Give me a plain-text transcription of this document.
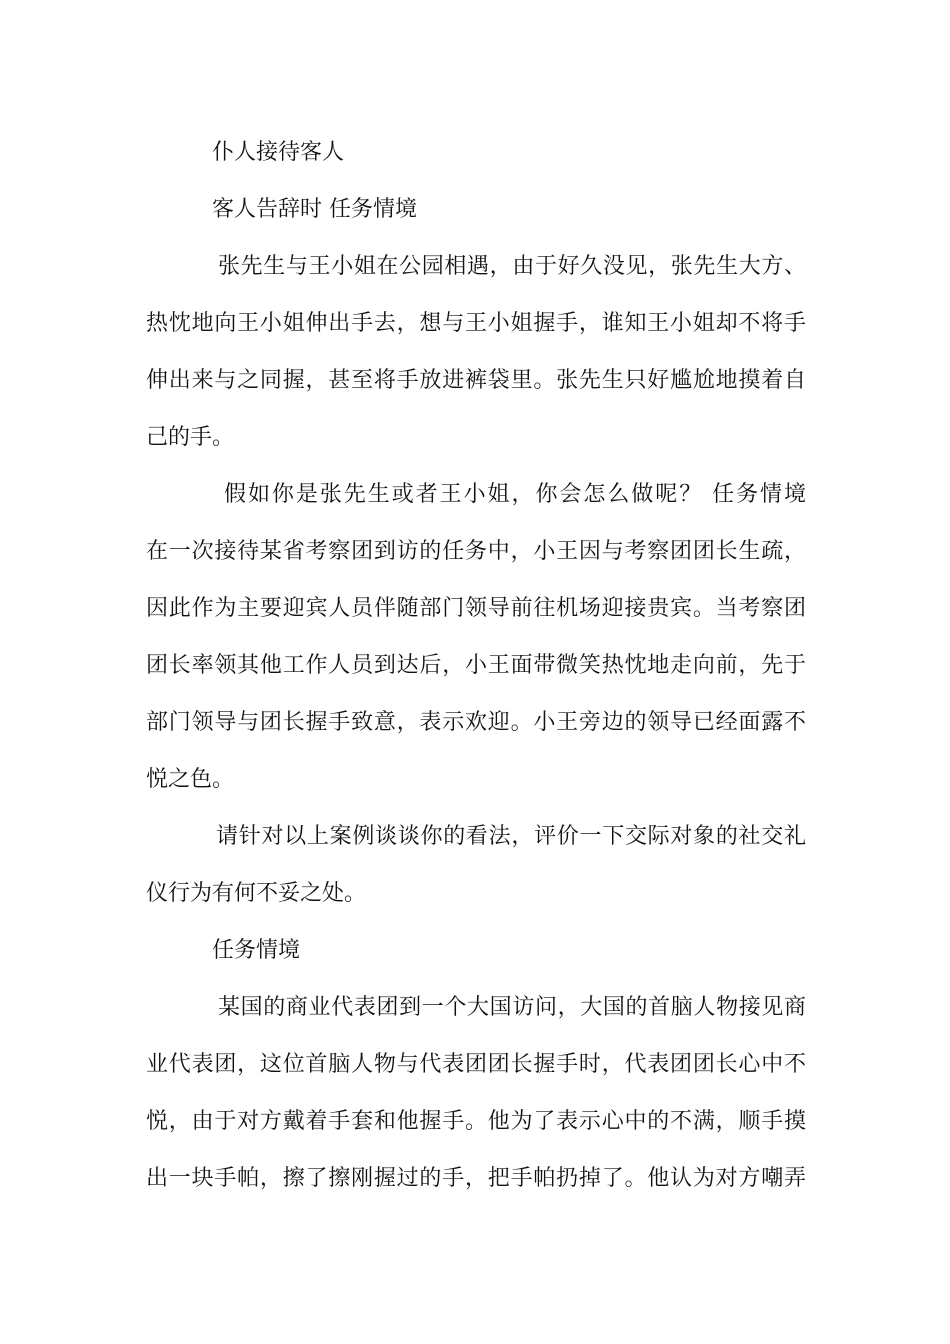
仆人接待客人
客人告辞时 任务情境
张先生与王小姐在公园相遇，由于好久没见，张先生大方、
热忱地向王小姐伸出手去，想与王小姐握手，谁知王小姐却不将手
伸出来与之同握，甚至将手放进裤袋里。张先生只好尴尬地摸着自
己的手。
假如你是张先生或者王小姐，你会怎么做呢？ 任务情境
在一次接待某省考察团到访的任务中，小王因与考察团团长生疏，
因此作为主要迎宾人员伴随部门领导前往机场迎接贵宾。当考察团
团长率领其他工作人员到达后，小王面带微笑热忱地走向前，先于
部门领导与团长握手致意，表示欢迎。小王旁边的领导已经面露不
悦之色。
请针对以上案例谈谈你的看法，评价一下交际对象的社交礼
仪行为有何不妥之处。
任务情境
某国的商业代表团到一个大国访问，大国的首脑人物接见商
业代表团，这位首脑人物与代表团团长握手时，代表团团长心中不
悦，由于对方戴着手套和他握手。他为了表示心中的不满，顺手摸
出一块手帕，擦了擦刚握过的手，把手帕扔掉了。他认为对方嘲弄
